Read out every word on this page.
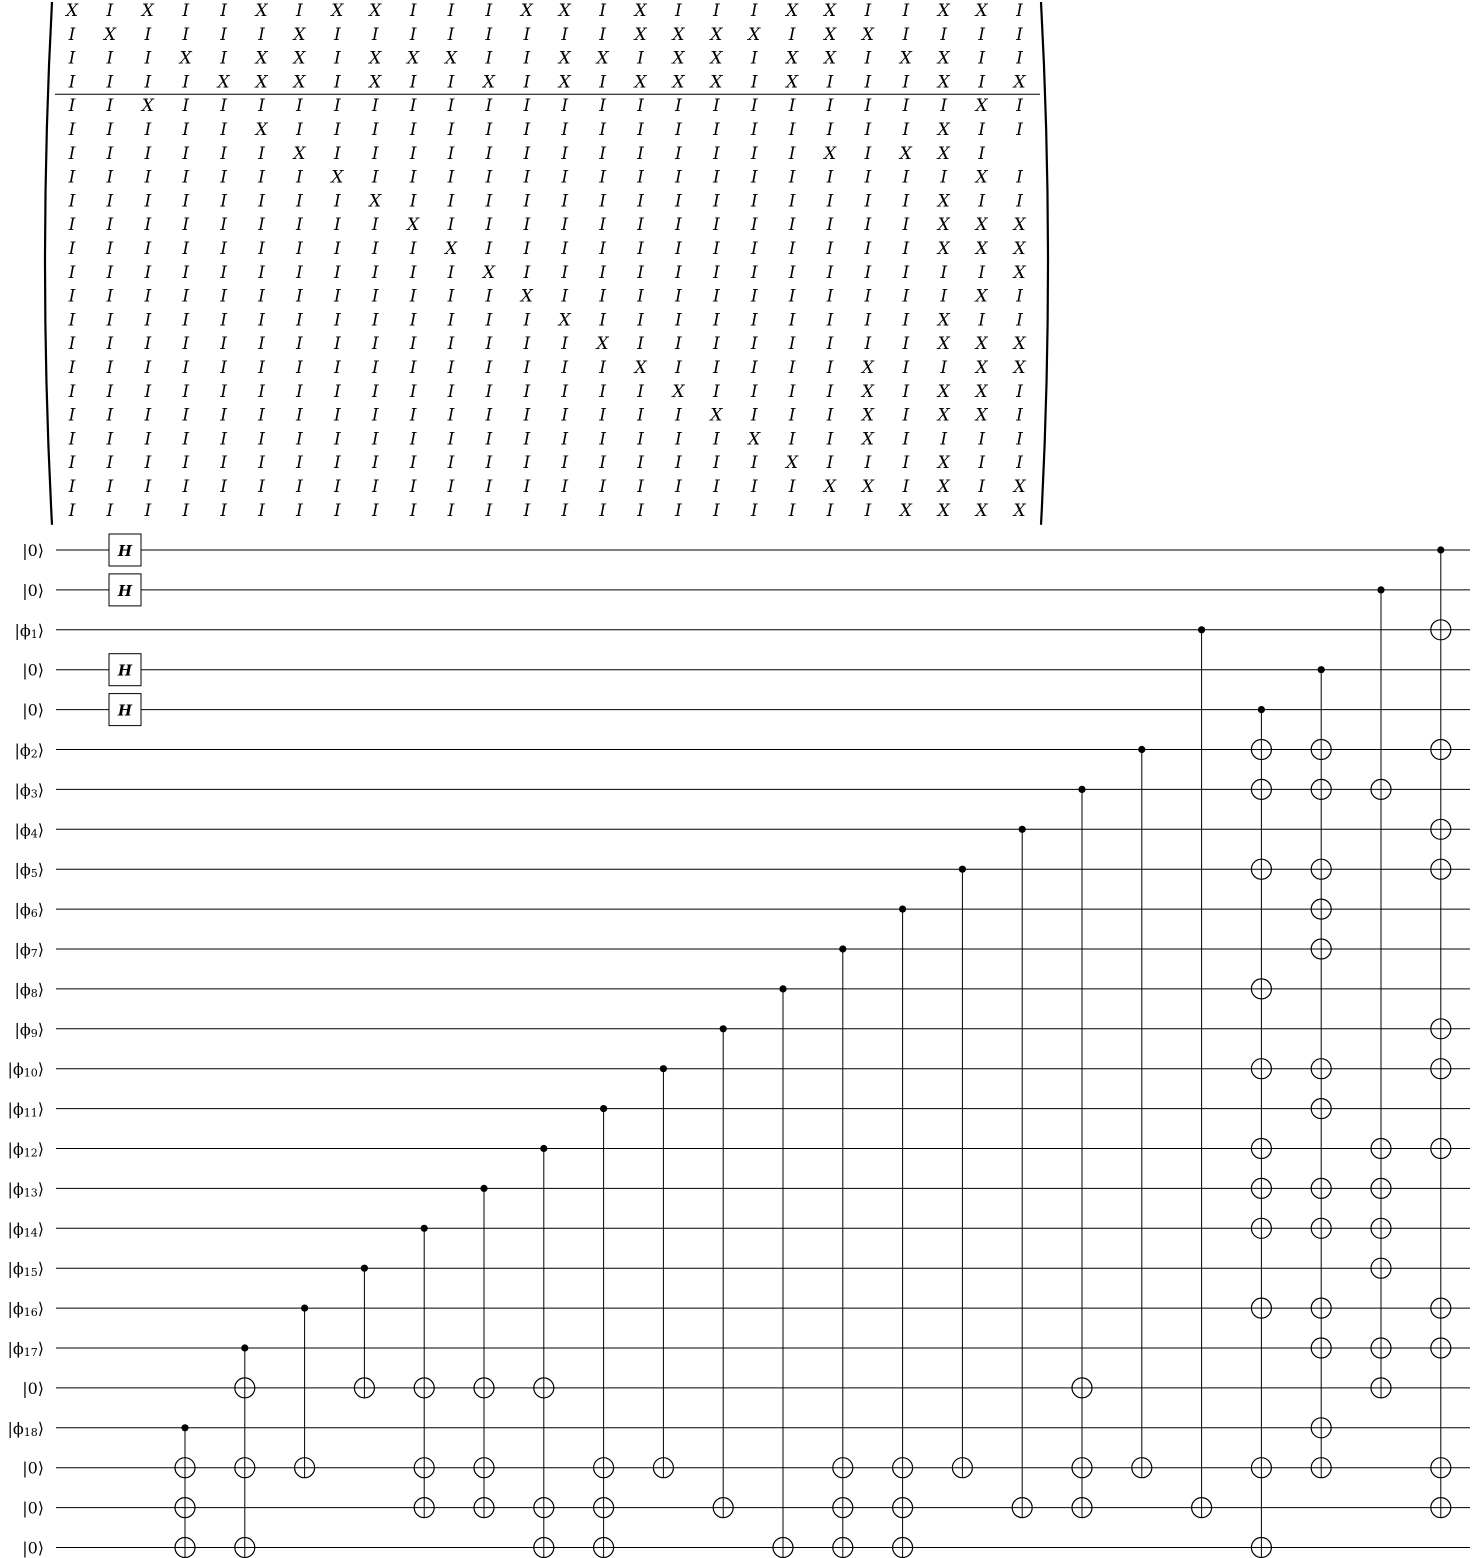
X I X I I X I X X I I I X X I X I I I X X I I X X I
I X I I I I X I I I I I I I I X X X X I X X I I I I
I I I X I X X I X X X I I X X I X X I X X I X X I I
I I I I X X X I X I I X I X I X X X I X I I I X I X
I I X I I I I I I I I I I I I I I I I I I I I I X I
I I I I I X I I I I I I I I I I I I I I I I I X I I
I I I I I I X I I I I I I I I I I I I I X I X X I
I I I I I I I X I I I I I I I I I I I I I I I I X I
I I I I I I I I X I I I I I I I I I I I I I I X I I
I I I I I I I I I X I I I I I I I I I I I I I X X X
I I I I I I I I I I X I I I I I I I I I I I I X X X
I I I I I I I I I I I X I I I I I I I I I I I I I X
I I I I I I I I I I I I X I I I I I I I I I I I X I
I I I I I I I I I I I I I X I I I I I I I I I X I I
I I I I I I I I I I I I I I X I I I I I I I I X X X
I I I I I I I I I I I I I I I X I I I I I X I I X X
I I I I I I I I I I I I I I I I X I I I I X I X X I
I I I I I I I I I I I I I I I I I X I I I X I X X I
I I I I I I I I I I I I I I I I I I X I I X I I I I
I I I I I I I I I I I I I I I I I I I X I I I X I I
I I I I I I I I I I I I I I I I I I I I X X I X I X
I I I I I I I I I I I I I I I I I I I I I I X X X X
|0⟩
|0⟩
$|\phi_1⟩$
|0⟩
|0⟩
$|\phi_2⟩$
$|\phi_3⟩$
$|\phi_4⟩$
$|\phi_5⟩$
$|\phi_6⟩$
$|\phi_7⟩$
$|\phi_8⟩$
$|\phi_9⟩$
$|\phi_{10}⟩$
$|\phi_{11}⟩$
$|\phi_{12}⟩$
$|\phi_{13}⟩$
$|\phi_{14}⟩$
$|\phi_{15}⟩$
$|\phi_{16}⟩$
$|\phi_{17}⟩$
|0⟩
$|\phi_{18}⟩$
|0⟩
|0⟩
|0⟩
H
H
H
H
